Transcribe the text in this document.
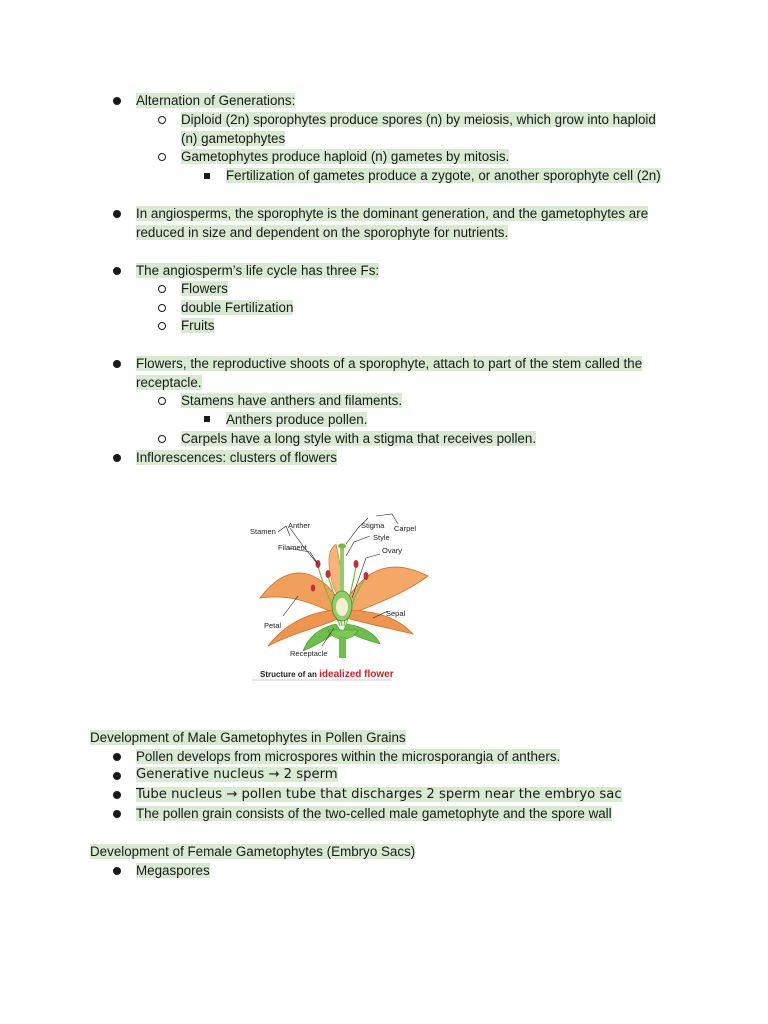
Alternation of Generations:
Diploid (2n) sporophytes produce spores (n) by meiosis, which grow into haploid
(n) gametophytes
Gametophytes produce haploid (n) gametes by mitosis.
Fertilization of gametes produce a zygote, or another sporophyte cell (2n)
In angiosperms, the sporophyte is the dominant generation, and the gametophytes are
reduced in size and dependent on the sporophyte for nutrients.
The angiosperm’s life cycle has three Fs:
Flowers
double Fertilization
Fruits
Flowers, the reproductive shoots of a sporophyte, attach to part of the stem called the
receptacle.
Stamens have anthers and filaments.
Anthers produce pollen.
Carpels have a long style with a stigma that receives pollen.
Inflorescences: clusters of flowers
Stamen
Anther
Filament
Stigma Carpel
Style
Ovary
Petal
Sepal
Receptacle
Structure of an idealized flower
Development of Male Gametophytes in Pollen Grains
Pollen develops from microspores within the microsporangia of anthers.
Generative nucleus → 2 sperm
Tube nucleus → pollen tube that discharges 2 sperm near the embryo sac
The pollen grain consists of the two-celled male gametophyte and the spore wall
Development of Female Gametophytes (Embryo Sacs)
Megaspores
